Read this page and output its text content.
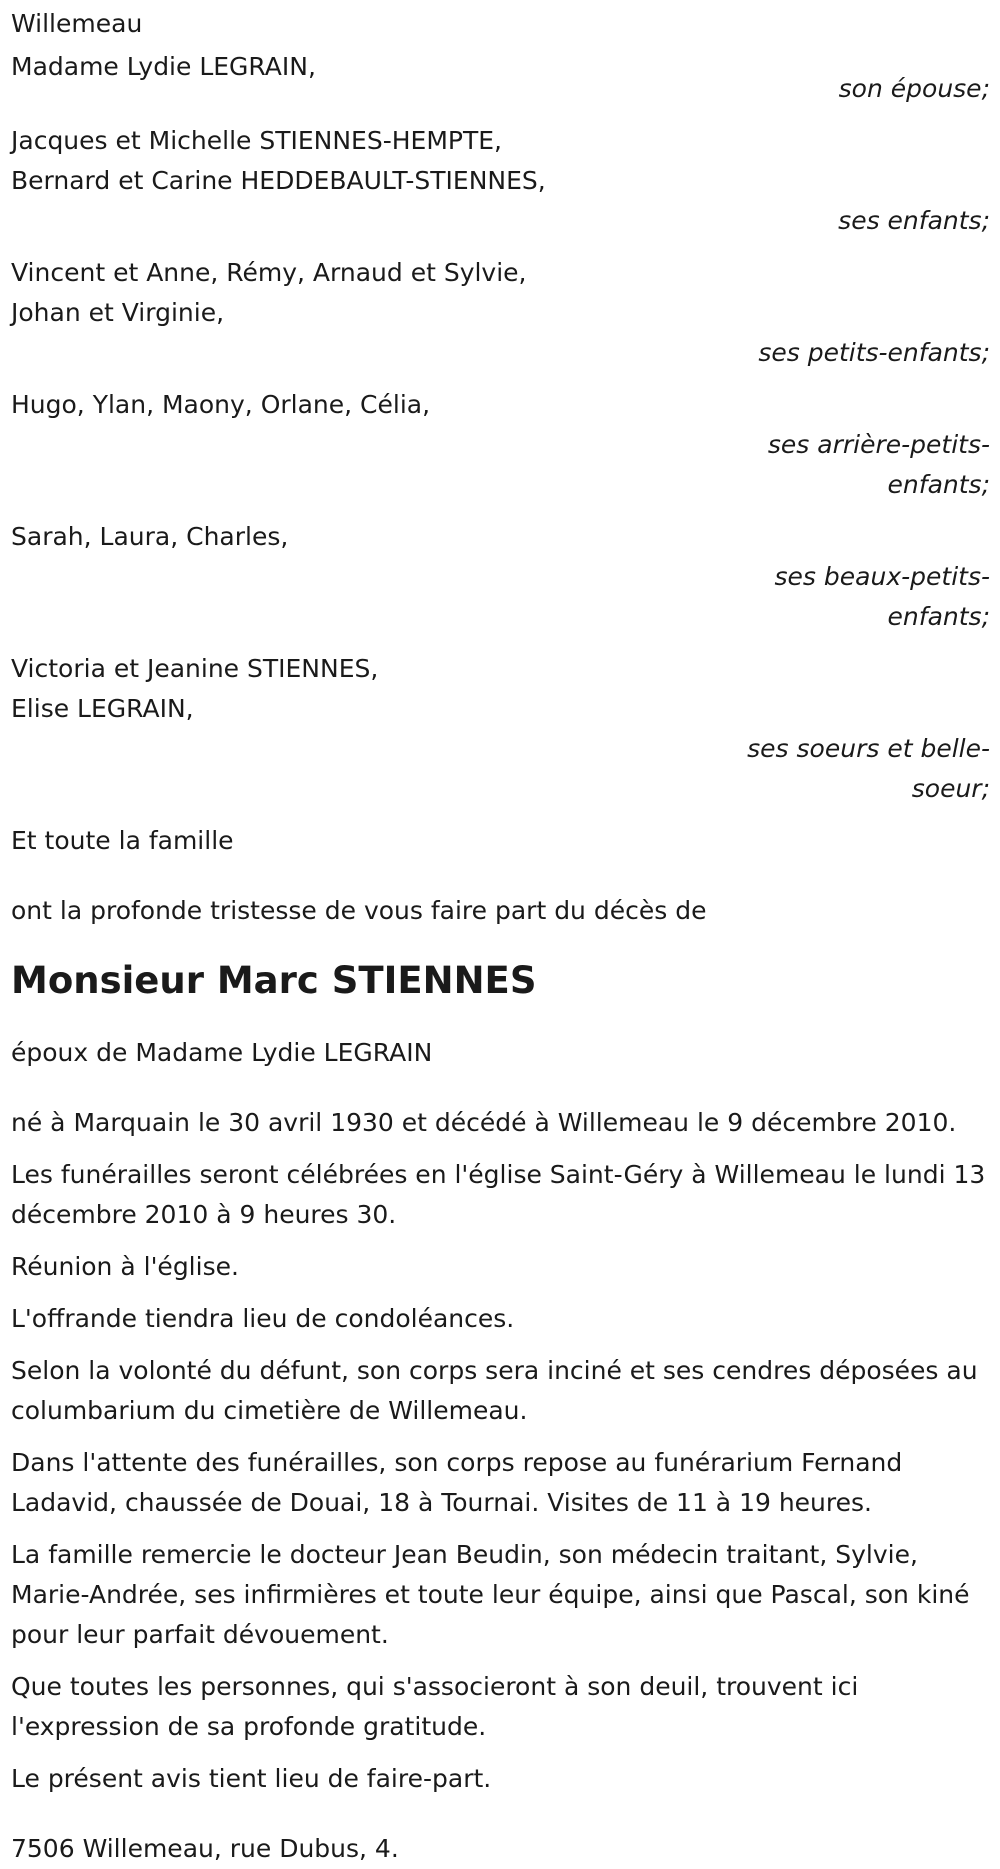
Willemeau
Madame Lydie LEGRAIN,
son épouse;
Jacques et Michelle STIENNES-HEMPTE,
Bernard et Carine HEDDEBAULT-STIENNES,
ses enfants;
Vincent et Anne, Rémy, Arnaud et Sylvie,
Johan et Virginie,
ses petits-enfants;
Hugo, Ylan, Maony, Orlane, Célia,
ses arrière-petits-
enfants;
Sarah, Laura, Charles,
ses beaux-petits-
enfants;
Victoria et Jeanine STIENNES,
Elise LEGRAIN,
ses soeurs et belle-
soeur;
Et toute la famille
ont la profonde tristesse de vous faire part du décès de
Monsieur Marc STIENNES
époux de Madame Lydie LEGRAIN
né à Marquain le 30 avril 1930 et décédé à Willemeau le 9 décembre 2010.
Les funérailles seront célébrées en l'église Saint-Géry à Willemeau le lundi 13 décembre 2010 à 9 heures 30.
Réunion à l'église.
L'offrande tiendra lieu de condoléances.
Selon la volonté du défunt, son corps sera inciné et ses cendres déposées au columbarium du cimetière de Willemeau.
Dans l'attente des funérailles, son corps repose au funérarium Fernand Ladavid, chaussée de Douai, 18 à Tournai. Visites de 11 à 19 heures.
La famille remercie le docteur Jean Beudin, son médecin traitant, Sylvie, Marie-Andrée, ses infirmières et toute leur équipe, ainsi que Pascal, son kiné pour leur parfait dévouement.
Que toutes les personnes, qui s'associeront à son deuil, trouvent ici l'expression de sa profonde gratitude.
Le présent avis tient lieu de faire-part.
7506 Willemeau, rue Dubus, 4.
